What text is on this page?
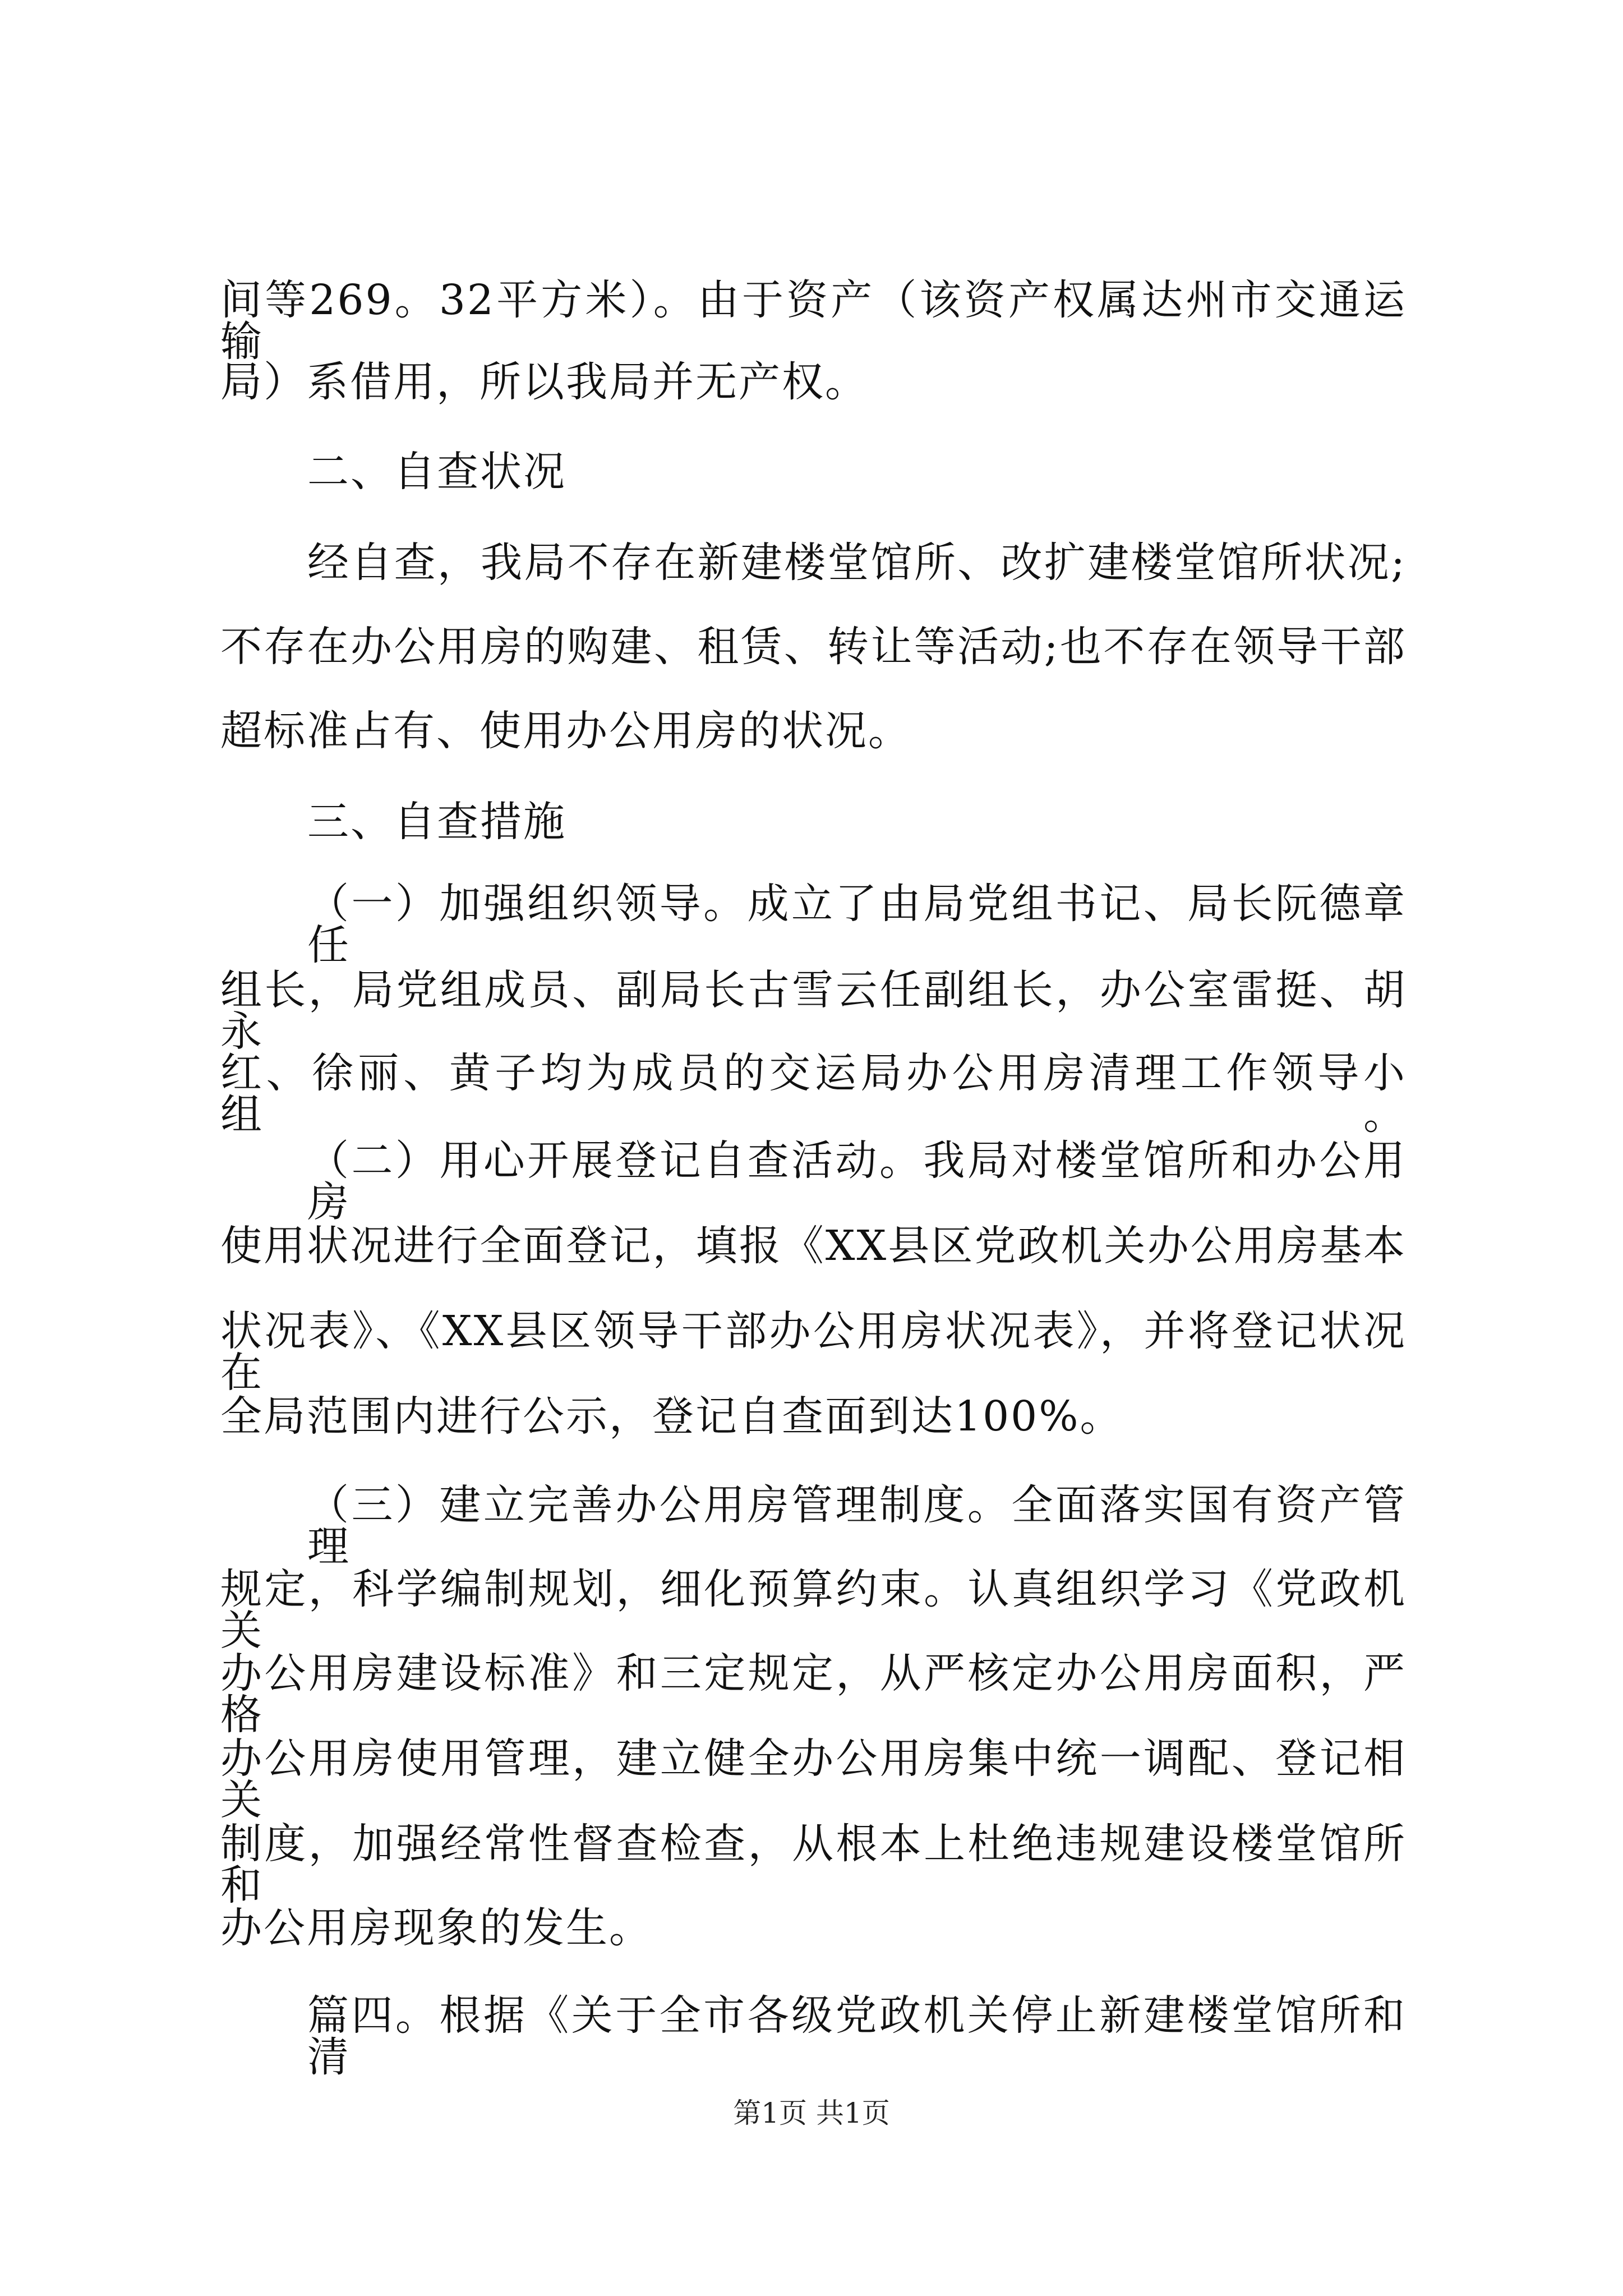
间等269。32平方米）。由于资产（该资产权属达州市交通运输
局）系借用，所以我局并无产权。
二、自查状况
经自查，我局不存在新建楼堂馆所、改扩建楼堂馆所状况;
不存在办公用房的购建、租赁、转让等活动;也不存在领导干部
超标准占有、使用办公用房的状况。
三、自查措施
（一）加强组织领导。成立了由局党组书记、局长阮德章任
组长，局党组成员、副局长古雪云任副组长，办公室雷挺、胡永
红、徐丽、黄子均为成员的交运局办公用房清理工作领导小组。
（二）用心开展登记自查活动。我局对楼堂馆所和办公用房
使用状况进行全面登记，填报《XX县区党政机关办公用房基本
状况表》、《XX县区领导干部办公用房状况表》，并将登记状况在
全局范围内进行公示，登记自查面到达100%。
（三）建立完善办公用房管理制度。全面落实国有资产管理
规定，科学编制规划，细化预算约束。认真组织学习《党政机关
办公用房建设标准》和三定规定，从严核定办公用房面积，严格
办公用房使用管理，建立健全办公用房集中统一调配、登记相关
制度，加强经常性督查检查，从根本上杜绝违规建设楼堂馆所和
办公用房现象的发生。
篇四。根据《关于全市各级党政机关停止新建楼堂馆所和清
第1页 共1页
